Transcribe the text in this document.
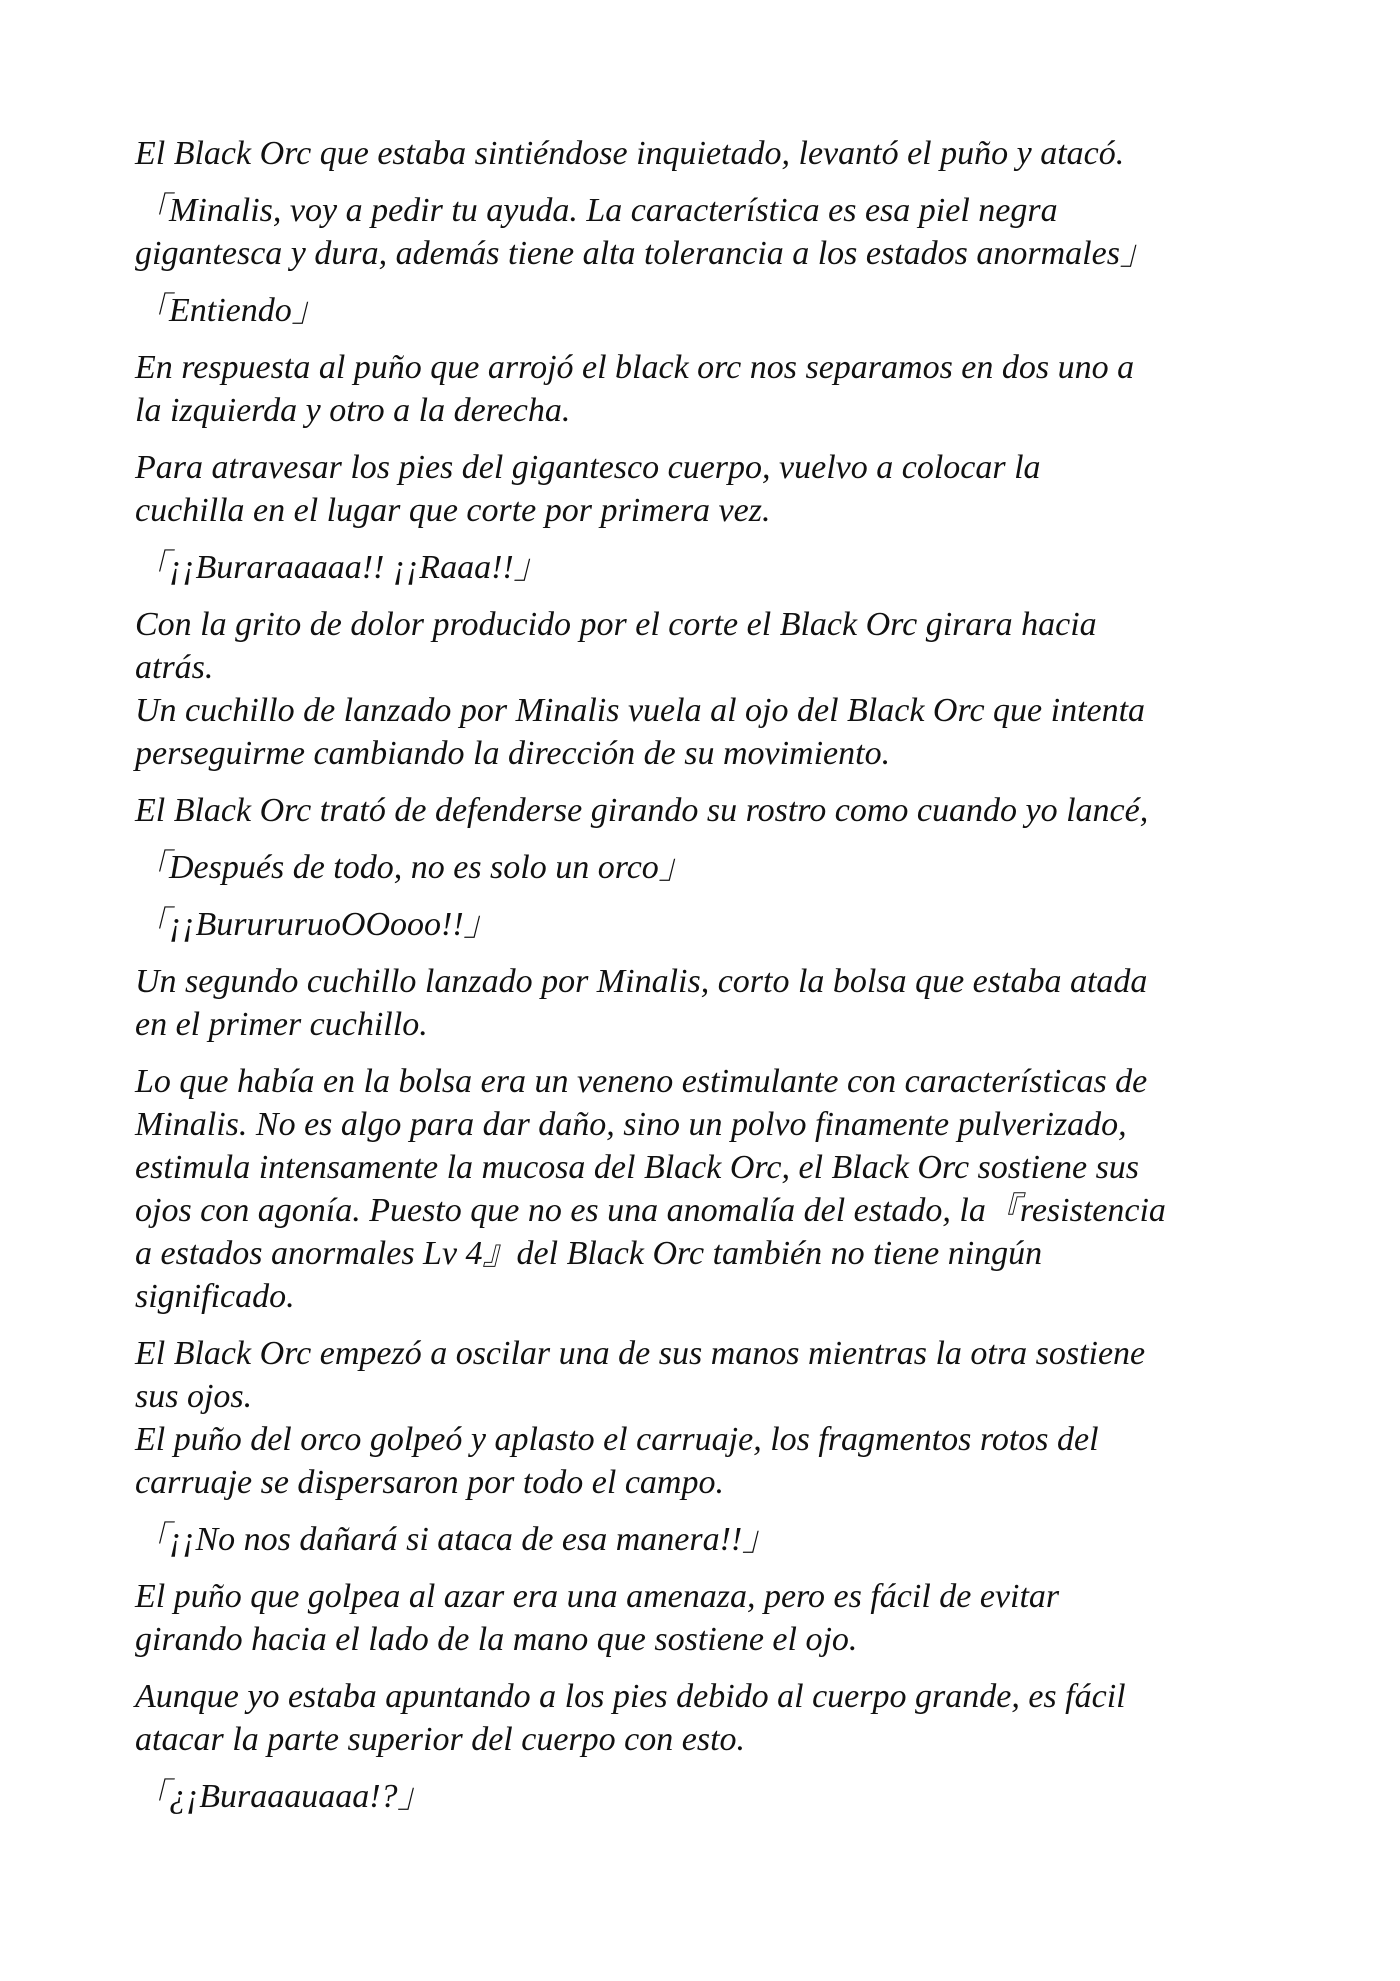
El Black Orc que estaba sintiéndose inquietado, levantó el puño y atacó.
「Minalis, voy a pedir tu ayuda. La característica es esa piel negra
gigantesca y dura, además tiene alta tolerancia a los estados anormales」
「Entiendo」
En respuesta al puño que arrojó el black orc nos separamos en dos uno a
la izquierda y otro a la derecha.
Para atravesar los pies del gigantesco cuerpo, vuelvo a colocar la
cuchilla en el lugar que corte por primera vez.
「¡¡Buraraaaaa!! ¡¡Raaa!!」
Con la grito de dolor producido por el corte el Black Orc girara hacia
atrás.
Un cuchillo de lanzado por Minalis vuela al ojo del Black Orc que intenta
perseguirme cambiando la dirección de su movimiento.
El Black Orc trató de defenderse girando su rostro como cuando yo lancé,
「Después de todo, no es solo un orco」
「¡¡BurururuoOOooo!!」
Un segundo cuchillo lanzado por Minalis, corto la bolsa que estaba atada
en el primer cuchillo.
Lo que había en la bolsa era un veneno estimulante con características de
Minalis. No es algo para dar daño, sino un polvo finamente pulverizado,
estimula intensamente la mucosa del Black Orc, el Black Orc sostiene sus
ojos con agonía. Puesto que no es una anomalía del estado, la『resistencia
a estados anormales Lv 4』del Black Orc también no tiene ningún
significado.
El Black Orc empezó a oscilar una de sus manos mientras la otra sostiene
sus ojos.
El puño del orco golpeó y aplasto el carruaje, los fragmentos rotos del
carruaje se dispersaron por todo el campo.
「¡¡No nos dañará si ataca de esa manera!!」
El puño que golpea al azar era una amenaza, pero es fácil de evitar
girando hacia el lado de la mano que sostiene el ojo.
Aunque yo estaba apuntando a los pies debido al cuerpo grande, es fácil
atacar la parte superior del cuerpo con esto.
「¿¡Buraaauaaa!?」
